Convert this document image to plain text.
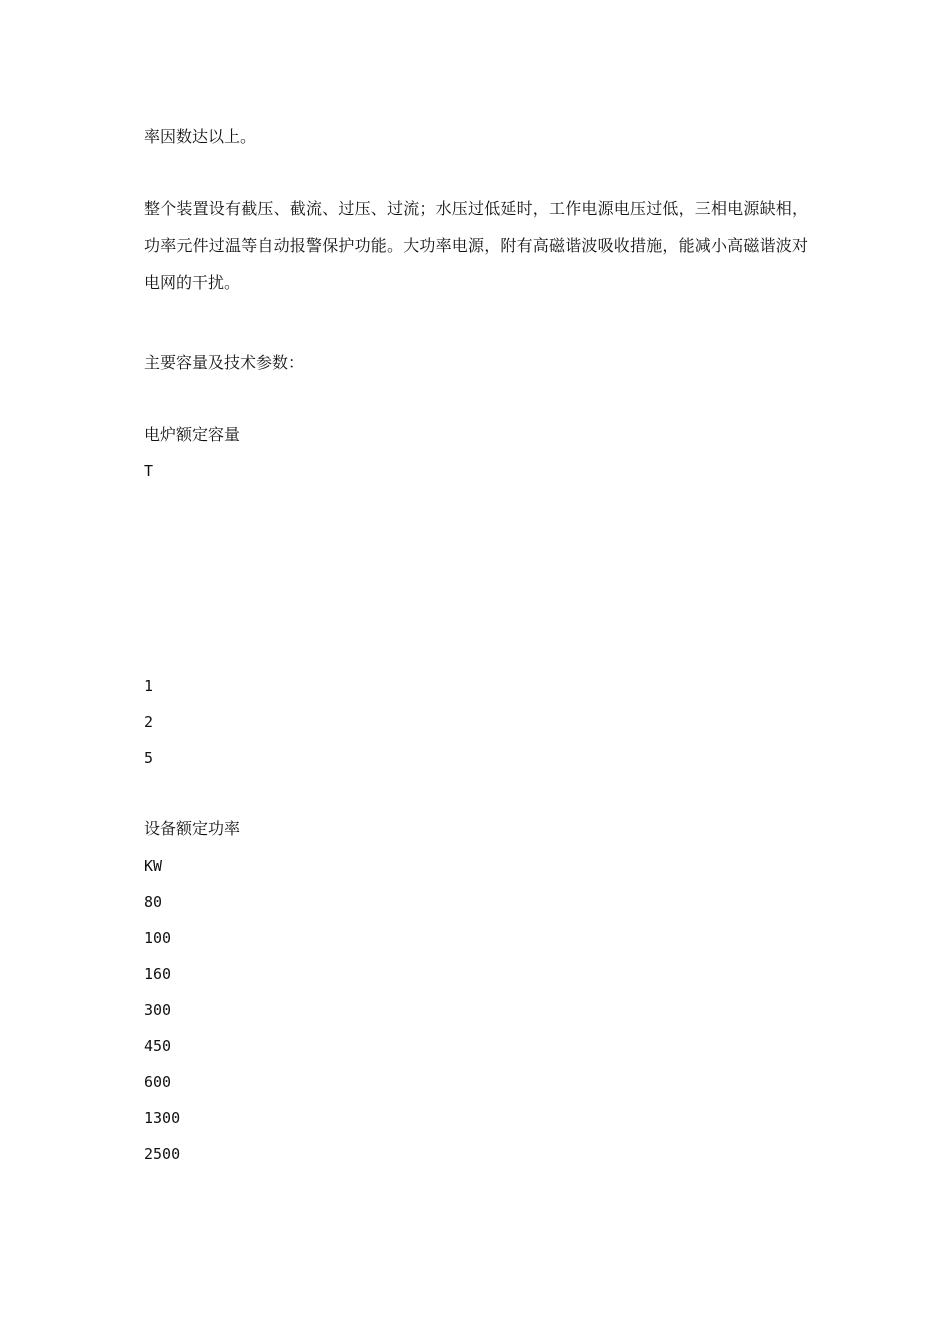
率因数达以上。
整个装置设有截压、截流、过压、过流；水压过低延时，工作电源电压过低，三相电源缺相，功率元件过温等自动报警保护功能。大功率电源，附有高磁谐波吸收措施，能减小高磁谐波对电网的干扰。
主要容量及技术参数：
电炉额定容量
T
1
2
5
设备额定功率
KW
80
100
160
300
450
600
1300
2500
